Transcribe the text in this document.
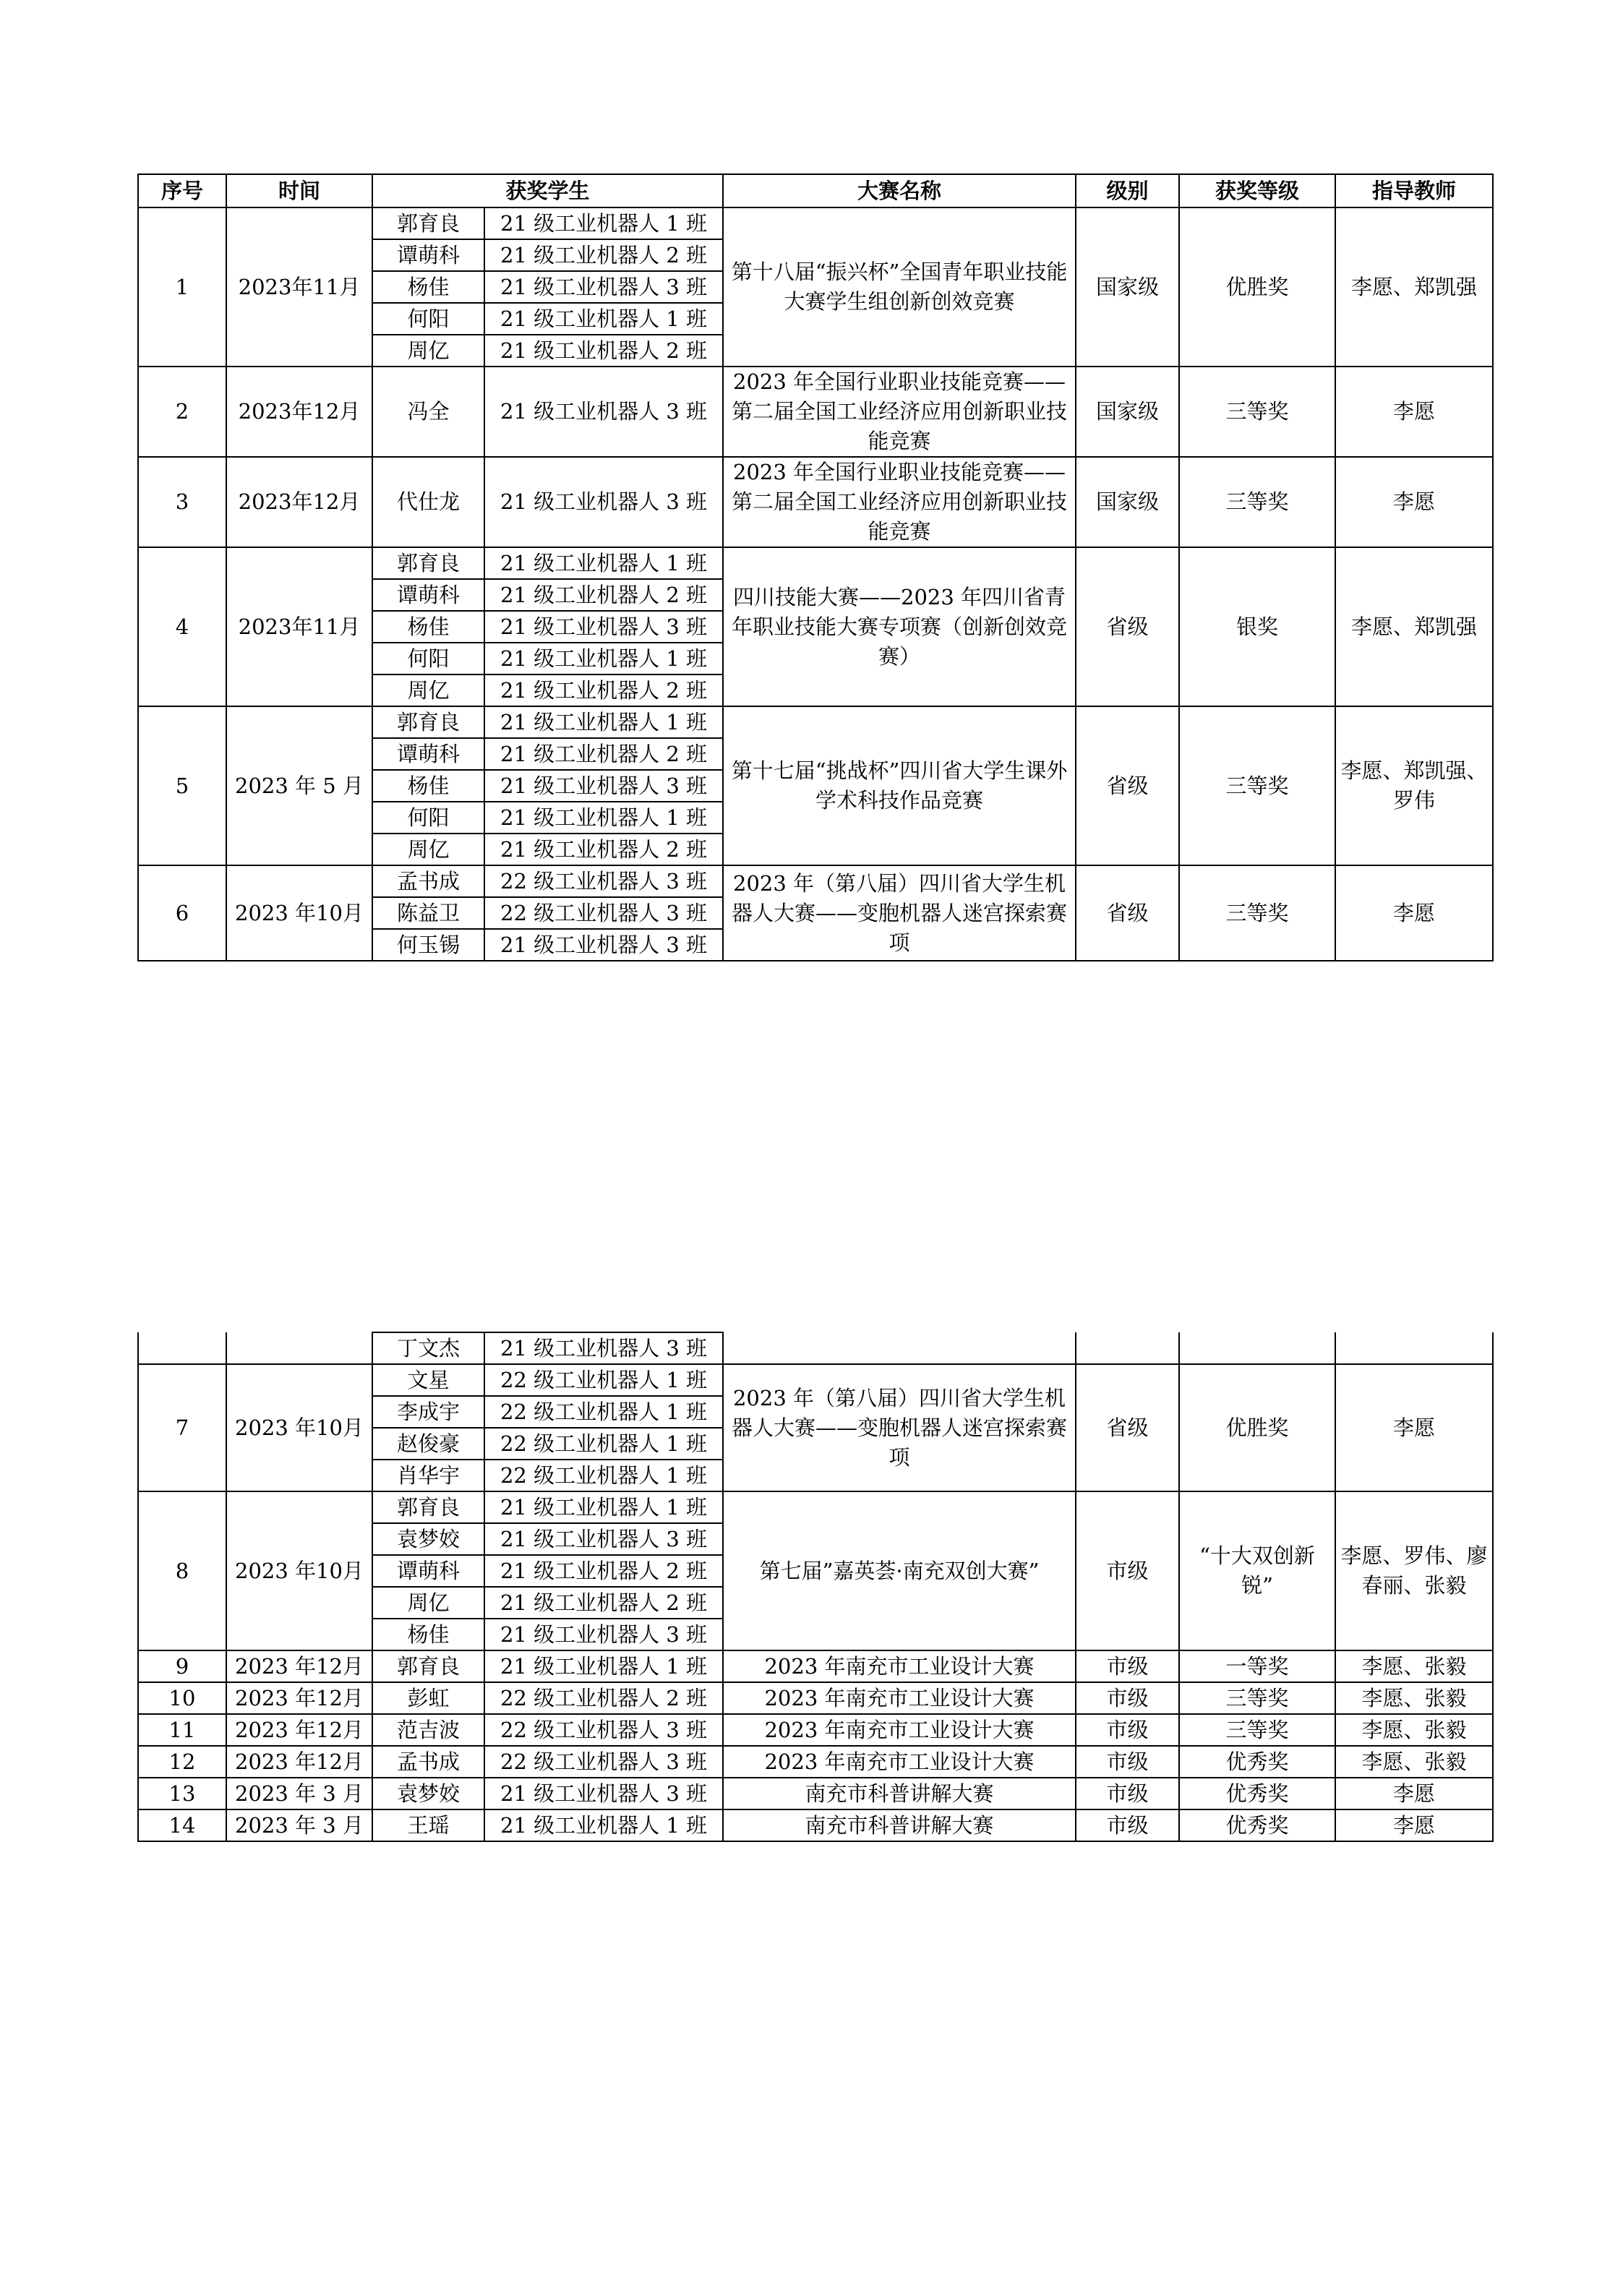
序号	时间	获奖学生		大赛名称	级别	获奖等级	指导教师
1	2023年11月	郭育良	21 级工业机器人 1 班	第十八届“振兴杯”全国青年职业技能大赛学生组创新创效竞赛	国家级	优胜奖	李愿、郑凯强
		谭萌科	21 级工业机器人 2 班				
		杨佳	21 级工业机器人 3 班				
		何阳	21 级工业机器人 1 班				
		周亿	21 级工业机器人 2 班				
2	2023年12月	冯全	21 级工业机器人 3 班	2023 年全国行业职业技能竞赛——第二届全国工业经济应用创新职业技能竞赛	国家级	三等奖	李愿
3	2023年12月	代仕龙	21 级工业机器人 3 班	2023 年全国行业职业技能竞赛——第二届全国工业经济应用创新职业技能竞赛	国家级	三等奖	李愿
4	2023年11月	郭育良	21 级工业机器人 1 班	四川技能大赛——2023 年四川省青年职业技能大赛专项赛（创新创效竞赛）	省级	银奖	李愿、郑凯强
		谭萌科	21 级工业机器人 2 班				
		杨佳	21 级工业机器人 3 班				
		何阳	21 级工业机器人 1 班				
		周亿	21 级工业机器人 2 班				
5	2023 年 5 月	郭育良	21 级工业机器人 1 班	第十七届“挑战杯”四川省大学生课外学术科技作品竞赛	省级	三等奖	李愿、郑凯强、罗伟
		谭萌科	21 级工业机器人 2 班				
		杨佳	21 级工业机器人 3 班				
		何阳	21 级工业机器人 1 班				
		周亿	21 级工业机器人 2 班				
6	2023 年10月	孟书成	22 级工业机器人 3 班	2023 年（第八届）四川省大学生机器人大赛——变胞机器人迷宫探索赛项	省级	三等奖	李愿
		陈益卫	22 级工业机器人 3 班				
		何玉锡	21 级工业机器人 3 班				
		丁文杰	21 级工业机器人 3 班				
7	2023 年10月	文星	22 级工业机器人 1 班	2023 年（第八届）四川省大学生机器人大赛——变胞机器人迷宫探索赛项	省级	优胜奖	李愿
		李成宇	22 级工业机器人 1 班				
		赵俊豪	22 级工业机器人 1 班				
		肖华宇	22 级工业机器人 1 班				
8	2023 年10月	郭育良	21 级工业机器人 1 班	第七届”嘉英荟·南充双创大赛”	市级	“十大双创新锐”	李愿、罗伟、廖春丽、张毅
		袁梦姣	21 级工业机器人 3 班				
		谭萌科	21 级工业机器人 2 班				
		周亿	21 级工业机器人 2 班				
		杨佳	21 级工业机器人 3 班				
9	2023 年12月	郭育良	21 级工业机器人 1 班	2023 年南充市工业设计大赛	市级	一等奖	李愿、张毅
10	2023 年12月	彭虹	22 级工业机器人 2 班	2023 年南充市工业设计大赛	市级	三等奖	李愿、张毅
11	2023 年12月	范吉波	22 级工业机器人 3 班	2023 年南充市工业设计大赛	市级	三等奖	李愿、张毅
12	2023 年12月	孟书成	22 级工业机器人 3 班	2023 年南充市工业设计大赛	市级	优秀奖	李愿、张毅
13	2023 年 3 月	袁梦姣	21 级工业机器人 3 班	南充市科普讲解大赛	市级	优秀奖	李愿
14	2023 年 3 月	王瑶	21 级工业机器人 1 班	南充市科普讲解大赛	市级	优秀奖	李愿
